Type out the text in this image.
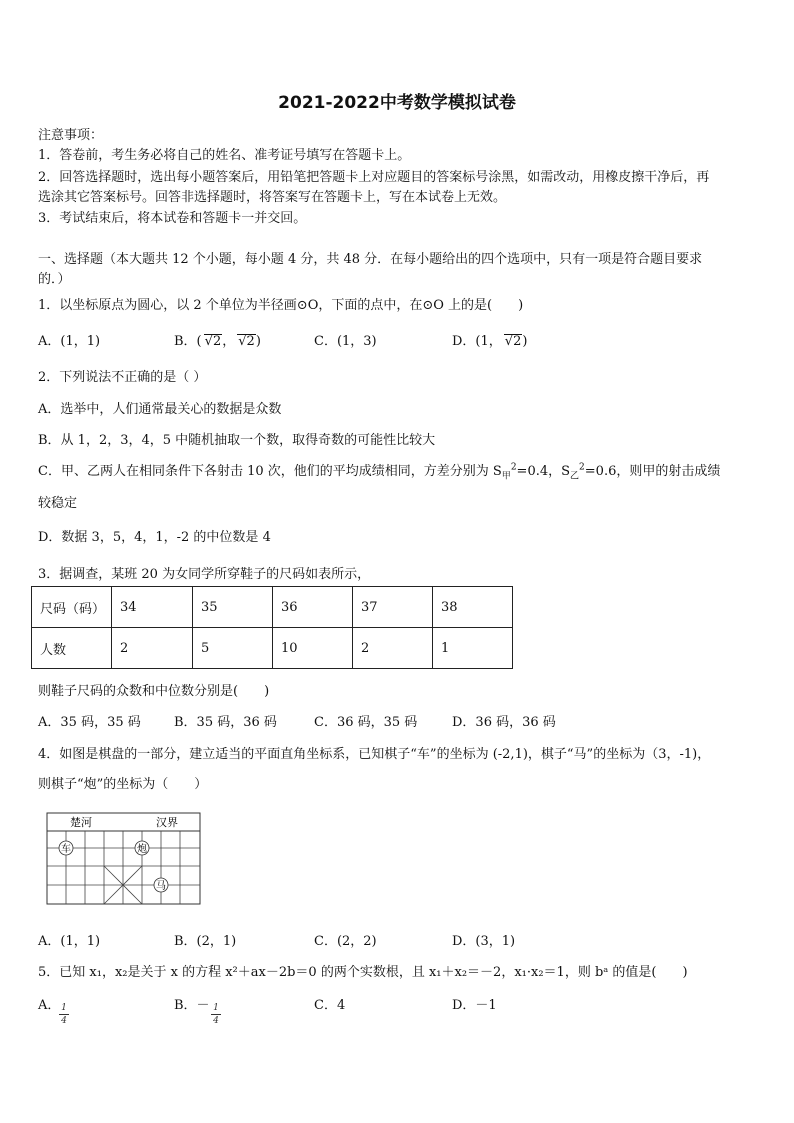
2021-2022中考数学模拟试卷
注意事项：
1．答卷前，考生务必将自己的姓名、准考证号填写在答题卡上。
2．回答选择题时，选出每小题答案后，用铅笔把答题卡上对应题目的答案标号涂黑，如需改动，用橡皮擦干净后，再
选涂其它答案标号。回答非选择题时，将答案写在答题卡上，写在本试卷上无效。
3．考试结束后，将本试卷和答题卡一并交回。
一、选择题（本大题共 12 个小题，每小题 4 分，共 48 分．在每小题给出的四个选项中，只有一项是符合题目要求
的．）
1．以坐标原点为圆心，以 2 个单位为半径画⊙O，下面的点中，在⊙O 上的是(　　)
A．(1，1)	B．( √2， √2)	C．(1，3)	D．(1， √2)
2．下列说法不正确的是（ ）
A．选举中，人们通常最关心的数据是众数
B．从 1，2，3，4，5 中随机抽取一个数，取得奇数的可能性比较大
C．甲、乙两人在相同条件下各射击 10 次，他们的平均成绩相同，方差分别为 $S_甲^2=0.4$，$S_乙^2=0.6$，则甲的射击成绩
较稳定
D．数据 3，5，4，1，-2 的中位数是 4
3．据调查，某班 20 为女同学所穿鞋子的尺码如表所示，
尺码（码）	34	35	36	37	38
人数	2	5	10	2	1
则鞋子尺码的众数和中位数分别是(　　)
A．35 码，35 码	B．35 码，36 码	C．36 码，35 码	D．36 码，36 码
4．如图是棋盘的一部分，建立适当的平面直角坐标系，已知棋子“车”的坐标为 (-2,1)，棋子“马”的坐标为（3，-1)，
则棋子“炮”的坐标为（　　）
楚河	汉界
车	炮
马
A．(1，1)	B．(2，1)	C．(2，2)	D．(3，1)
5．已知 x₁，x₂是关于 x 的方程 x²＋ax－2b＝0 的两个实数根，且 x₁＋x₂＝－2，x₁·x₂＝1，则 bᵃ 的值是(　　)
A．	B．－	C．4	D．－1
1
4
1
4
